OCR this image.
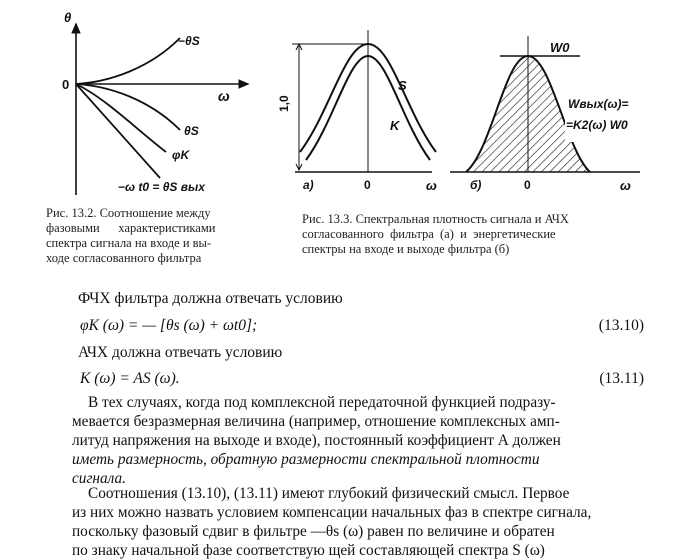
θ
0
ω
−θS
θS
φK
−ω t0 = θS вых
Рис. 13.2. Соотношение между
фазовыми      характеристиками
спектра сигнала на входе и вы-
ходе согласованного фильтра
1,0
S
K
а)	0	ω
W0
Wвых(ω)=
=K2(ω) W0
б)	0	ω
Рис. 13.3. Спектральная плотность сигнала и АЧХ
согласованного  фильтра  (а)  и  энергетические
спектры на входе и выходе фильтра (б)
ФЧХ фильтра должна отвечать условию
φK (ω) = — [θs (ω) + ωt0];	(13.10)
АЧХ должна отвечать условию
K (ω) = AS (ω).	(13.11)
В тех случаях, когда под комплексной передаточной функцией подразу-
мевается безразмерная величина (например, отношение комплексных амп-
литуд напряжения на выходе и входе), постоянный коэффициент А должен
иметь размерность, обратную размерности спектральной плотности
сигнала.
Соотношения (13.10), (13.11) имеют глубокий физический смысл. Первое
из них можно назвать условием компенсации начальных фаз в спектре сигнала,
поскольку фазовый сдвиг в фильтре —θs (ω) равен по величине и обратен
по знаку начальной фазе соответствую щей составляющей спектра S (ω)
